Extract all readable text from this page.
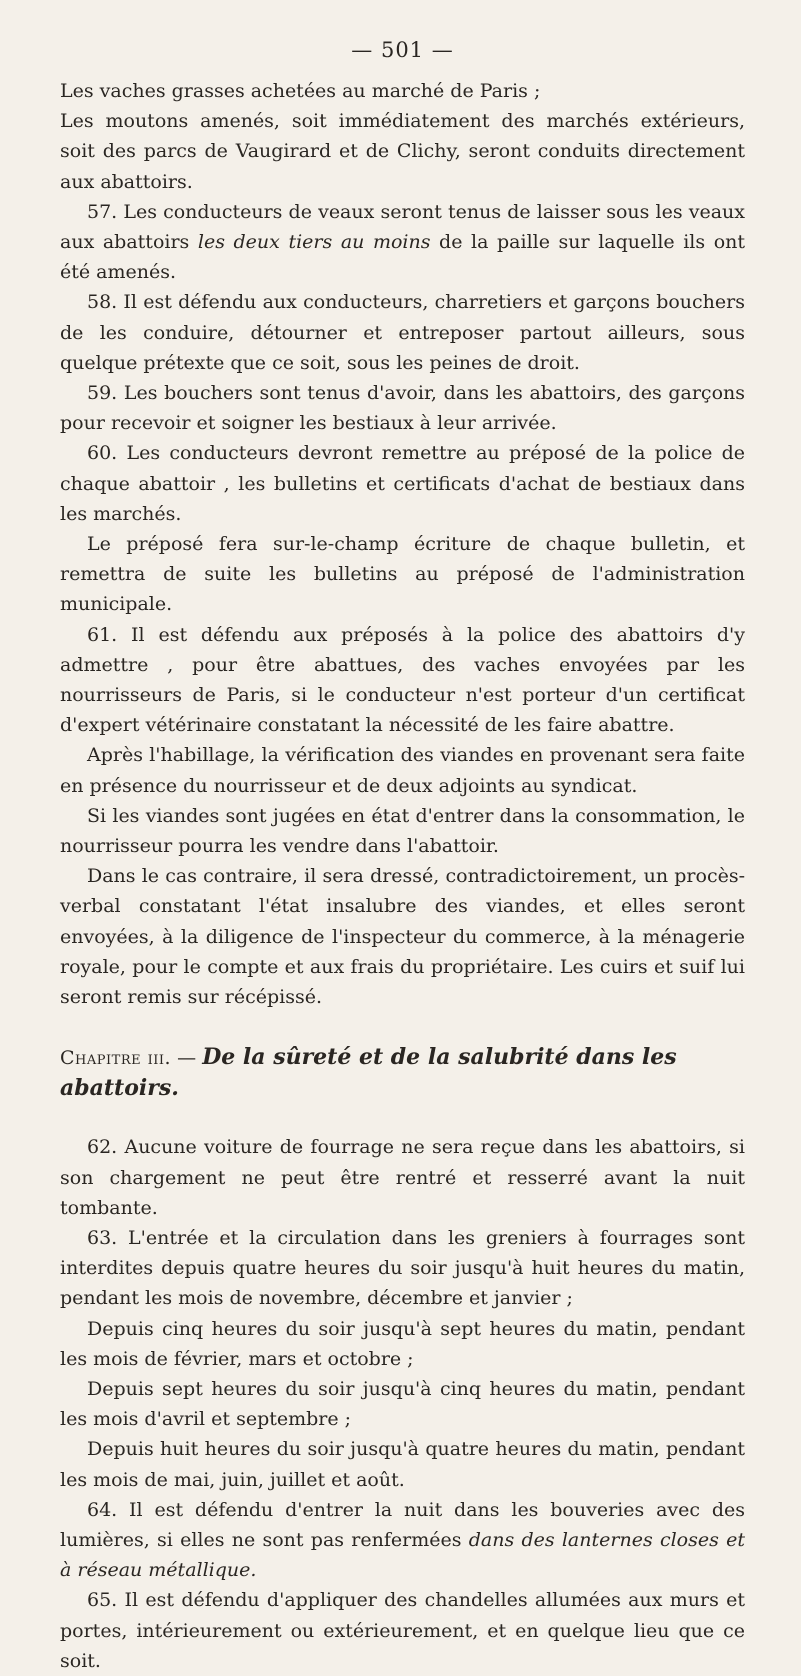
— 501 —

Les vaches grasses achetées au marché de Paris ;

Les moutons amenés, soit immédiatement des marchés extérieurs, soit des parcs de Vaugirard et de Clichy, seront conduits directement aux abattoirs.

57. Les conducteurs de veaux seront tenus de laisser sous les veaux aux abattoirs les deux tiers au moins de la paille sur laquelle ils ont été amenés.

58. Il est défendu aux conducteurs, charretiers et garçons bouchers de les conduire, détourner et entreposer partout ailleurs, sous quelque prétexte que ce soit, sous les peines de droit.

59. Les bouchers sont tenus d'avoir, dans les abattoirs, des garçons pour recevoir et soigner les bestiaux à leur arrivée.

60. Les conducteurs devront remettre au préposé de la police de chaque abattoir , les bulletins et certificats d'achat de bestiaux dans les marchés.

Le préposé fera sur-le-champ écriture de chaque bulletin, et remettra de suite les bulletins au préposé de l'administration municipale.

61. Il est défendu aux préposés à la police des abattoirs d'y admettre , pour être abattues, des vaches envoyées par les nourrisseurs de Paris, si le conducteur n'est porteur d'un certificat d'expert vétérinaire constatant la nécessité de les faire abattre.

Après l'habillage, la vérification des viandes en provenant sera faite en présence du nourrisseur et de deux adjoints au syndicat.

Si les viandes sont jugées en état d'entrer dans la consommation, le nourrisseur pourra les vendre dans l'abattoir.

Dans le cas contraire, il sera dressé, contradictoirement, un procès-verbal constatant l'état insalubre des viandes, et elles seront envoyées, à la diligence de l'inspecteur du commerce, à la ménagerie royale, pour le compte et aux frais du propriétaire. Les cuirs et suif lui seront remis sur récépissé.

Chapitre iii. — De la sûreté et de la salubrité dans les abattoirs.

62. Aucune voiture de fourrage ne sera reçue dans les abattoirs, si son chargement ne peut être rentré et resserré avant la nuit tombante.

63. L'entrée et la circulation dans les greniers à fourrages sont interdites depuis quatre heures du soir jusqu'à huit heures du matin, pendant les mois de novembre, décembre et janvier ;

Depuis cinq heures du soir jusqu'à sept heures du matin, pendant les mois de février, mars et octobre ;

Depuis sept heures du soir jusqu'à cinq heures du matin, pendant les mois d'avril et septembre ;

Depuis huit heures du soir jusqu'à quatre heures du matin, pendant les mois de mai, juin, juillet et août.

64. Il est défendu d'entrer la nuit dans les bouveries avec des lumières, si elles ne sont pas renfermées dans des lanternes closes et à réseau métallique.

65. Il est défendu d'appliquer des chandelles allumées aux murs et portes, intérieurement ou extérieurement, et en quelque lieu que ce soit.
